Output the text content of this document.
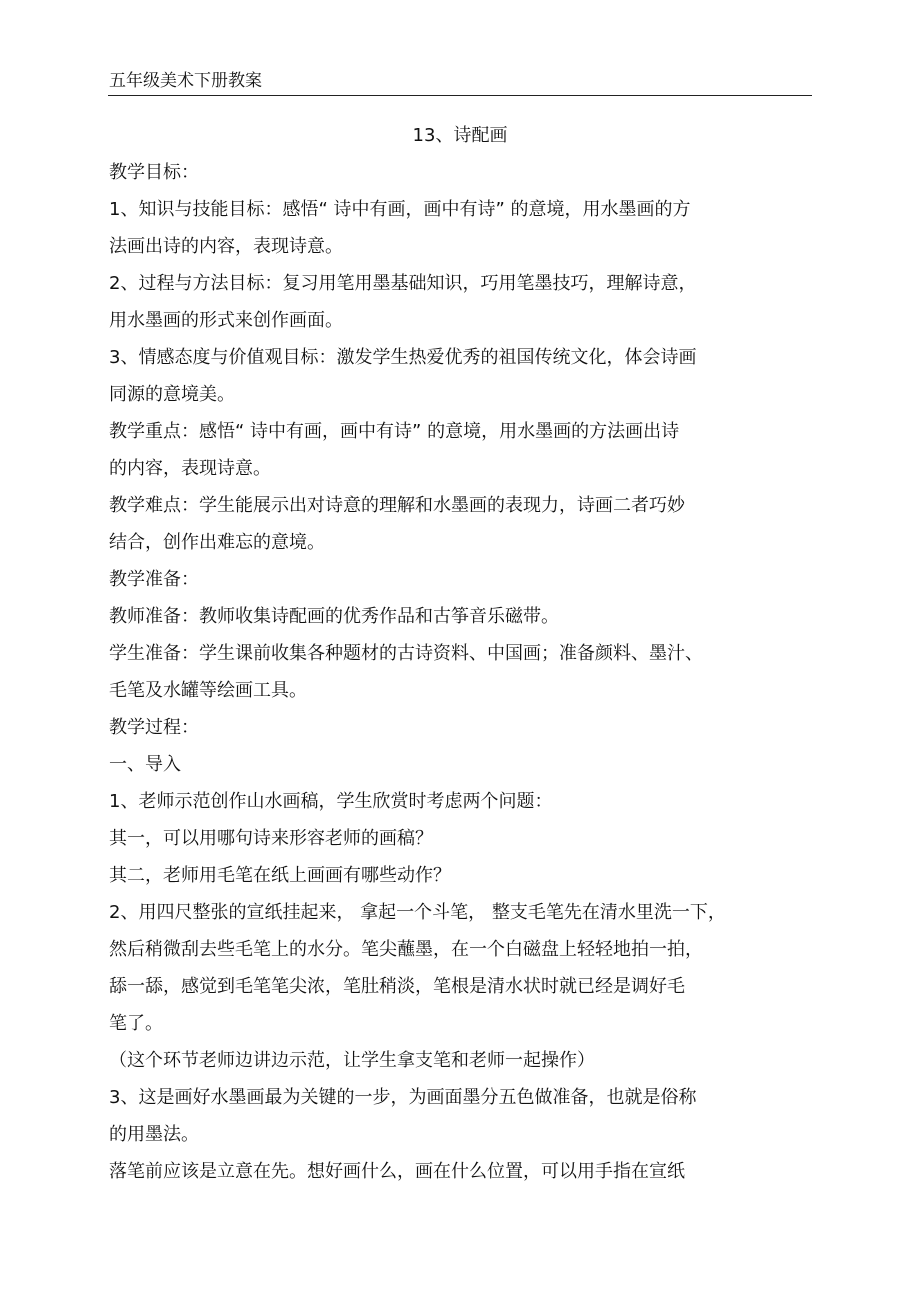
五年级美术下册教案
13、诗配画
教学目标：
1、知识与技能目标：感悟“ 诗中有画，画中有诗” 的意境，用水墨画的方
法画出诗的内容，表现诗意。
2、过程与方法目标：复习用笔用墨基础知识，巧用笔墨技巧，理解诗意，
用水墨画的形式来创作画面。
3、情感态度与价值观目标：激发学生热爱优秀的祖国传统文化，体会诗画
同源的意境美。
教学重点：感悟“ 诗中有画，画中有诗” 的意境，用水墨画的方法画出诗
的内容，表现诗意。
教学难点：学生能展示出对诗意的理解和水墨画的表现力，诗画二者巧妙
结合，创作出难忘的意境。
教学准备：
教师准备：教师收集诗配画的优秀作品和古筝音乐磁带。
学生准备：学生课前收集各种题材的古诗资料、中国画；准备颜料、墨汁、
毛笔及水罐等绘画工具。
教学过程：
一、导入
1、老师示范创作山水画稿，学生欣赏时考虑两个问题：
其一，可以用哪句诗来形容老师的画稿？
其二，老师用毛笔在纸上画画有哪些动作？
2、用四尺整张的宣纸挂起来， 拿起一个斗笔， 整支毛笔先在清水里洗一下，
然后稍微刮去些毛笔上的水分。笔尖蘸墨，在一个白磁盘上轻轻地拍一拍，
舔一舔，感觉到毛笔笔尖浓，笔肚稍淡，笔根是清水状时就已经是调好毛
笔了。
（这个环节老师边讲边示范，让学生拿支笔和老师一起操作）
3、这是画好水墨画最为关键的一步，为画面墨分五色做准备，也就是俗称
的用墨法。
落笔前应该是立意在先。想好画什么，画在什么位置，可以用手指在宣纸
